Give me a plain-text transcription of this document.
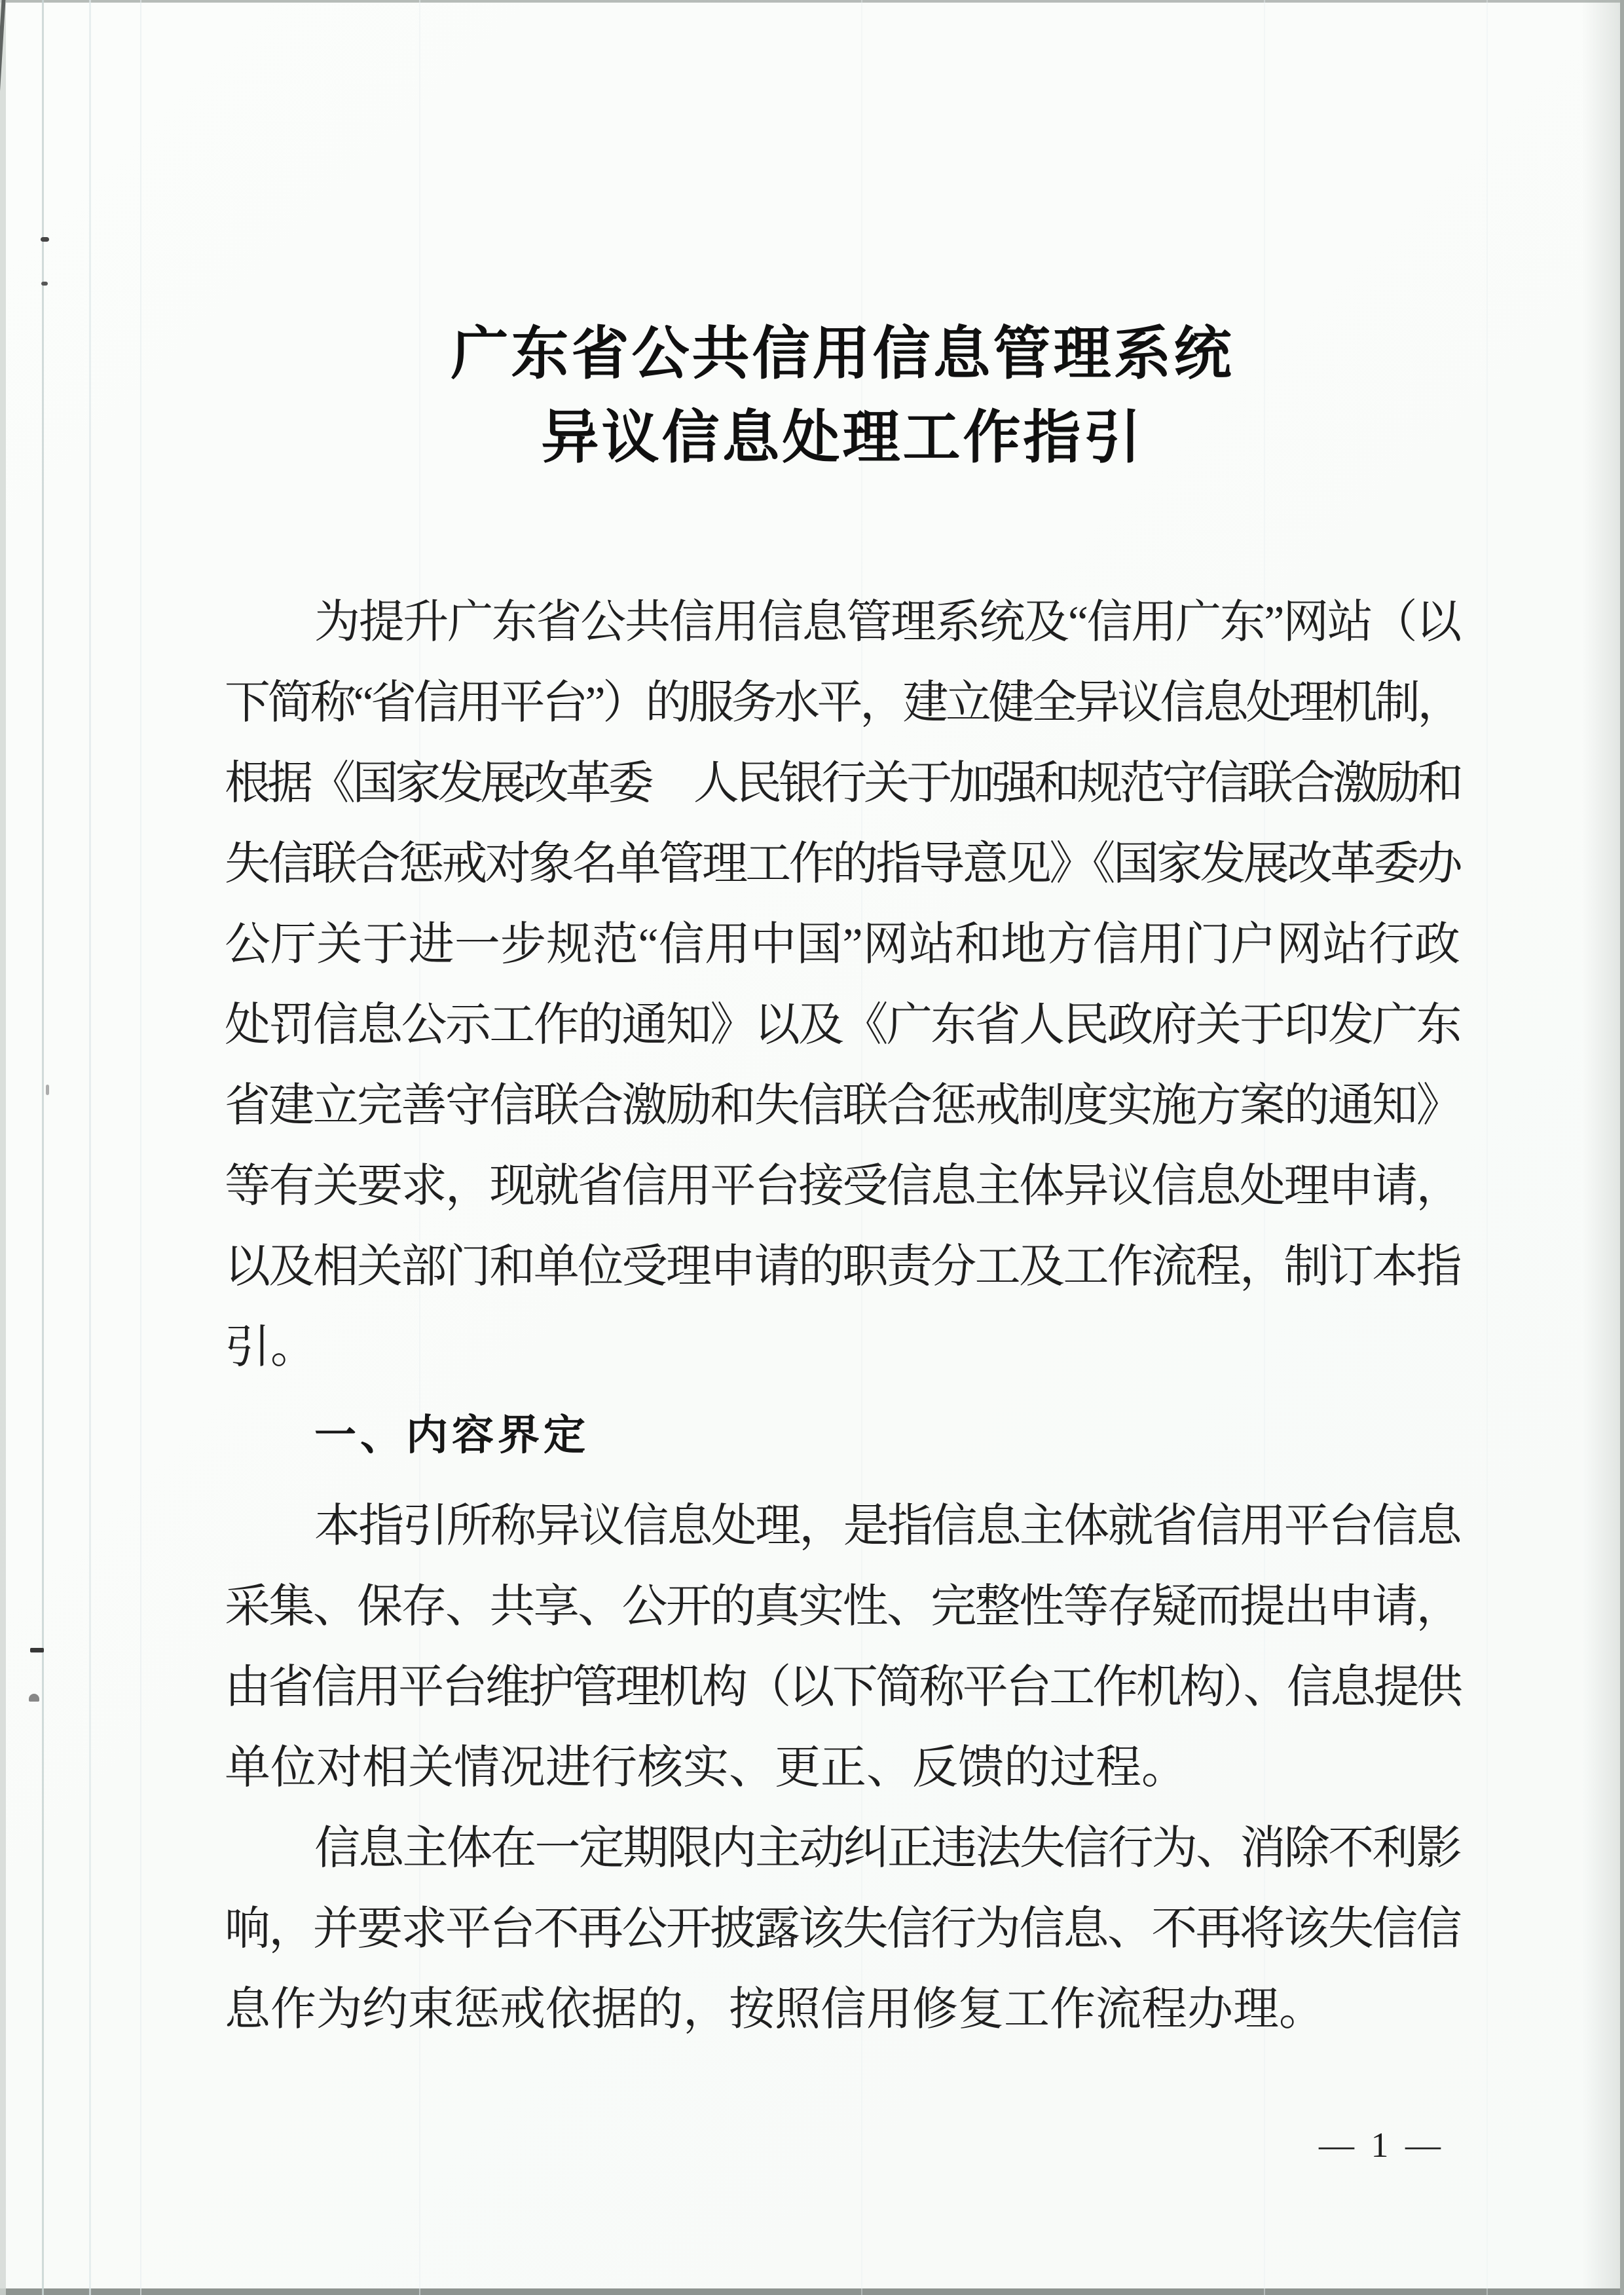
广东省公共信用信息管理系统
异议信息处理工作指引
为提升广东省公共信用信息管理系统及“信用广东”网站（以
下简称“省信用平台”）的服务水平，建立健全异议信息处理机制，
根据《国家发展改革委　人民银行关于加强和规范守信联合激励和
失信联合惩戒对象名单管理工作的指导意见》《国家发展改革委办
公厅关于进一步规范“信用中国”网站和地方信用门户网站行政
处罚信息公示工作的通知》以及《广东省人民政府关于印发广东
省建立完善守信联合激励和失信联合惩戒制度实施方案的通知》
等有关要求，现就省信用平台接受信息主体异议信息处理申请，
以及相关部门和单位受理申请的职责分工及工作流程，制订本指
引。
一、内容界定
本指引所称异议信息处理，是指信息主体就省信用平台信息
采集、保存、共享、公开的真实性、完整性等存疑而提出申请，
由省信用平台维护管理机构（以下简称平台工作机构）、信息提供
单位对相关情况进行核实、更正、反馈的过程。
信息主体在一定期限内主动纠正违法失信行为、消除不利影
响，并要求平台不再公开披露该失信行为信息、不再将该失信信
息作为约束惩戒依据的，按照信用修复工作流程办理。
— 1 —
